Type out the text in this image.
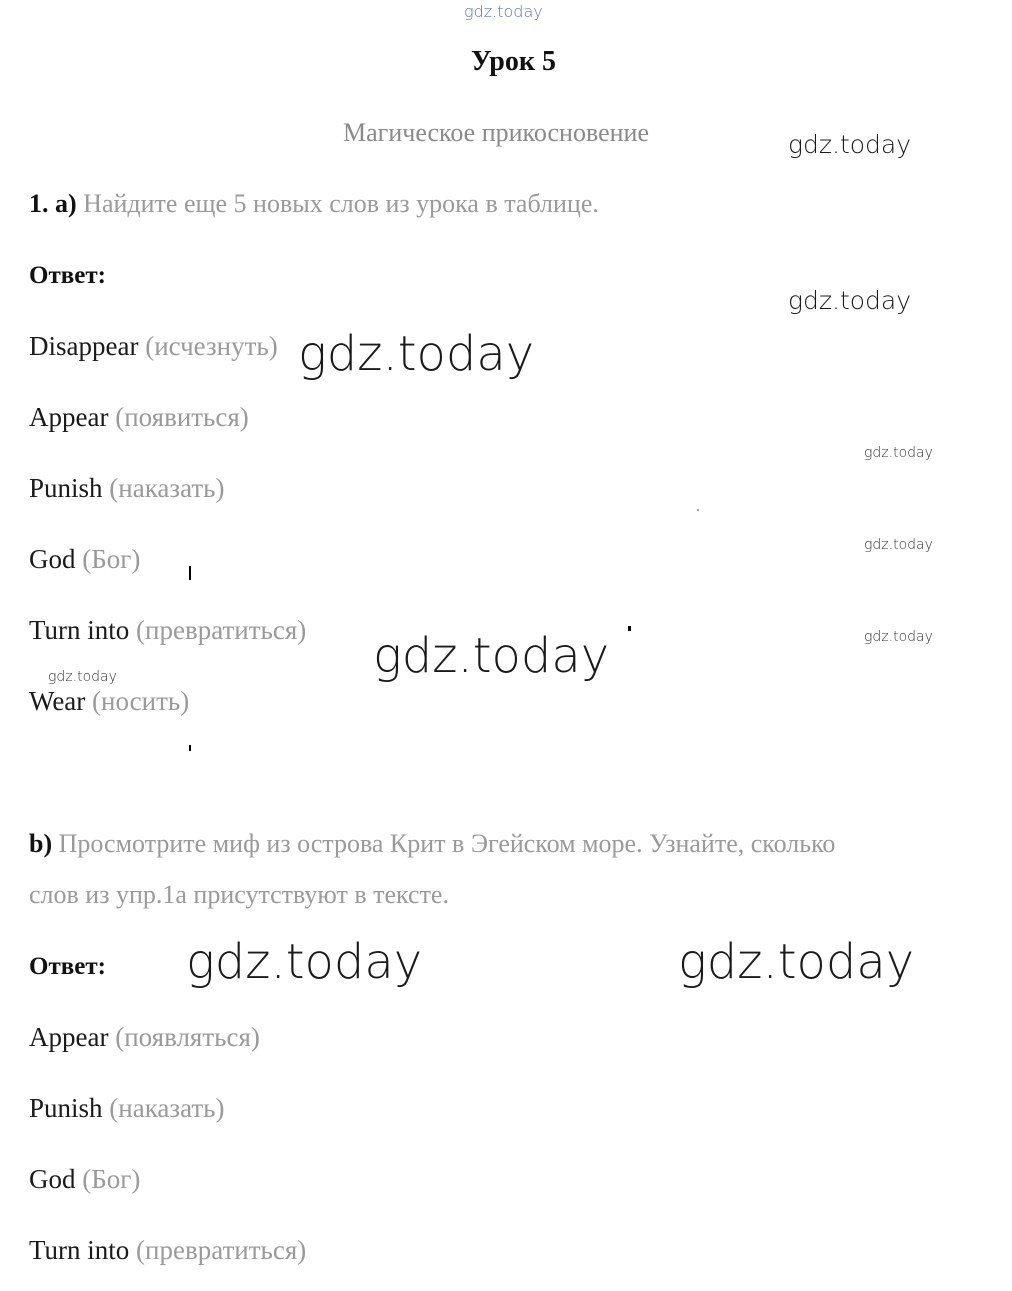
gdz.today
gdz.today
gdz.today
gdz.today
gdz.today
gdz.today
gdz.today
gdz.today
gdz.today
gdz.today	gdz.today
Урок 5
Магическое прикосновение
1. a) Найдите еще 5 новых слов из урока в таблице.
Ответ:
Disappear (исчезнуть)
Appear (появиться)
Punish (наказать)
God (Бог)
Turn into (превратиться)
Wear (носить)
b) Просмотрите миф из острова Крит в Эгейском море. Узнайте, сколько
слов из упр.1a присутствуют в тексте.
Ответ:
Appear (появляться)
Punish (наказать)
God (Бог)
Turn into (превратиться)
